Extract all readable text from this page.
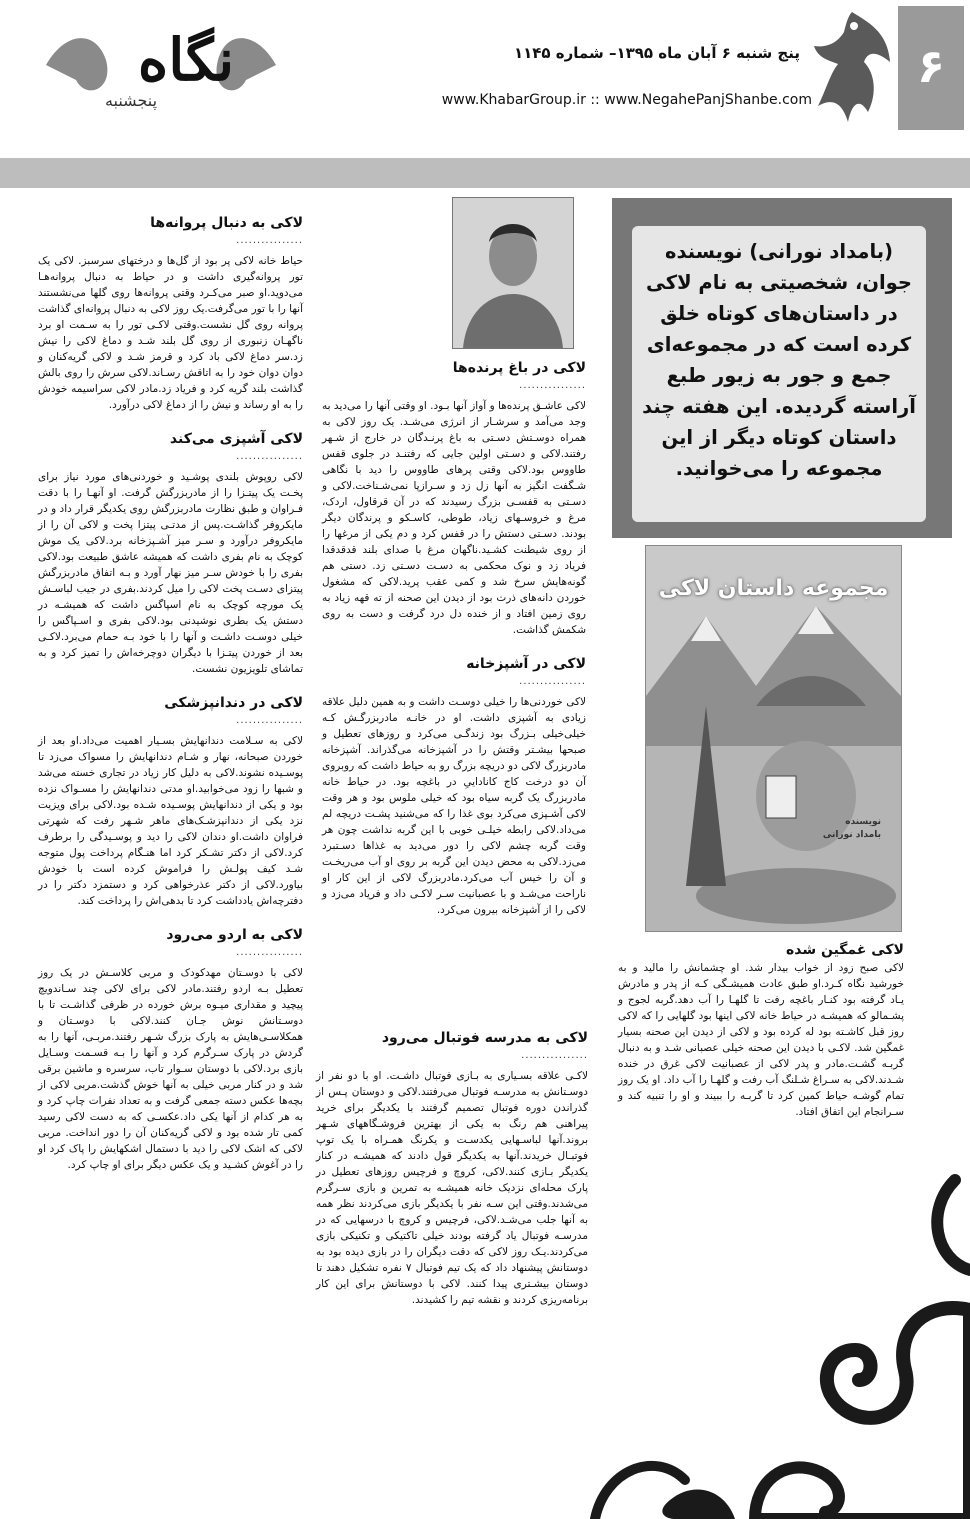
۶
نگاه
پنجشنبه
پنج شنبه ۶ آبان ماه ۱۳۹۵– شماره ۱۱۴۵
www.KhabarGroup.ir :: www.NegahePanjShanbe.com
(بامداد نورانی) نویسنده جوان، شخصیتی به نام لاکی در داستان‌های کوتاه خلق کرده است که در مجموعه‌ای جمع و جور به زیور طبع آراسته گردیده. این هفته چند داستان کوتاه دیگر از این مجموعه را می‌خوانید.
مجموعه داستان لاکی
نویسنده
بامداد نورانی
لاکی به دنبال پروانه‌ها
................
حیاط خانه لاکی پر بود از گل‌ها و درختهای سرسبز. لاکی یک تور پروانه‌گیری داشت و در حیاط به دنبال پروانه‌هـا می‌دوید.او صبر می‌کـرد وقتی پروانه‌ها روی گلها می‌نشستند آنها را با تور می‌گرفت.یک روز لاکی به دنبال پروانه‌ای گذاشت پروانه روی گل نشست.وقتی لاکـی تور را به سـمت او برد ناگهـان زنبوری از روی گل بلند شـد و دماغ لاکی را نیش زد.سر دماغ لاکی باد کرد و قرمز شـد و لاکی گریه‌کنان و دوان دوان خود را به اتاقش رسـاند.لاکی سرش را روی بالش گذاشت بلند گریه کرد و فریاد زد.مادر لاکی سراسیمه خودش را به او رساند و نیش را از دماغ لاکی درآورد.
لاکی آشپزی می‌کند
................
لاکی روپوش بلندی پوشـید و خوردنی‌های مورد نیاز برای پخـت یک پیتـزا را از مادربزرگش گرفت. او آنهـا را با دقت فـراوان و طبق نظارت مادربزرگش روی یکدیگر قرار داد و در مایکروفر گذاشـت.پس از مدتـی پیتزا پخت و لاکی آن را از مایکروفر درآورد و سـر میز آشـپزخانه برد.لاکی یک موش کوچک به نام بفری داشت که همیشه عاشق طبیعت بود.لاکی بفری را با خودش سـر میز نهار آورد و بـه اتفاق مادربزرگش پیتزای دسـت پخت لاکی را میل کردند.بفری در جیب لباسـش یک مورچه کوچک به نام اسپاگس داشت که همیشـه در دستش یک بطری نوشیدنی بود.لاکی بفری و اسـپاگس را خیلی دوسـت داشـت و آنها را با خود بـه حمام می‌برد.لاکـی بعد از خوردن پیتـزا با دیگران دوچرخه‌اش را تمیز کرد و به تماشای تلویزیون نشست.
لاکی در دندانپزشکی
................
لاکی به سـلامت دندانهایش بسـیار اهمیت می‌داد.او بعد از خوردن صبحانه، نهار و شـام دندانهایش را مسواک می‌زد تا پوسـیده نشوند.لاکی به دلیل کار زیاد در تجاری خسته می‌شد و شبها را زود می‌خوابید.او مدتی دندانهایش را مسـواک نزده بود و یکی از دندانهایش پوسـیده شـده بود.لاکی برای ویزیت نزد یکی از دندانپزشـک‌های ماهر شـهر رفت که شهرتی فراوان داشت.او دندان لاکی را دید و پوسـیدگی را برطرف کرد.لاکی از دکتر تشـکر کرد اما هنـگام پرداخت پول متوجه شـد کیف پولـش را فراموش کرده است با خودش بیاورد.لاکی از دکتر عذرخواهی کرد و دستمزد دکتر را در دفترچه‌اش یادداشت کرد تا بدهی‌اش را پرداخت کند.
لاکی به اردو می‌رود
................
لاکی با دوسـتان مهدکودک و مربی کلاسـش در یک روز تعطیل بـه اردو رفتند.مادر لاکی برای لاکی چند سـاندویچ پیچید و مقداری میـوه برش خورده در ظرفی گذاشـت تا با دوسـتانش نوش جـان کنند.لاکی با دوسـتان و همکلاسـی‌هایش به پارک بزرگ شـهر رفتند.مربـی، آنها را به گردش در پارک سـرگرم کرد و آنها را بـه قسـمت وسـایل بازی برد.لاکی با دوستان سـوار تاب، سرسره و ماشین برقی شد و در کنار مربی خیلی به آنها خوش گذشت.مربی لاکی از بچه‌ها عکس دسته جمعی گرفت و به تعداد نفرات چاپ کرد و به هر کدام از آنها یکی داد.عکسـی که به دست لاکی رسید کمی تار شده بود و لاکی گریه‌کنان آن را دور انداخت. مربی لاکی که اشک لاکی را دید با دستمال اشکهایش را پاک کرد او را در آغوش کشـید و یک عکس دیگر برای او چاپ کرد.
لاکی در باغ پرنده‌ها
................
لاکی عاشـق پرنده‌ها و آواز آنها بـود. او وقتی آنها را می‌دید به وجد می‌آمد و سرشـار از انرژی می‌شـد. یک روز لاکی به همراه دوسـتش دسـتی به باغ پرنـدگان در خارج از شـهر رفتند.لاکی و دسـتی اولین جایی که رفتنـد در جلوی قفس طاووس بود.لاکی وقتی پرهای طاووس را دید با نگاهی شـگفت انگیز به آنها زل زد و سـرازپا نمی‌شـناخت.لاکی و دسـتی به قفسـی بزرگ رسیدند که در آن قرقاول، اردک، مرغ و خروسـهای زیاد، طوطی، کاسـکو و پرندگان دیگر بودند. دسـتی دستش را در قفس کرد و دم یکی از مرغها را از روی شیطنت کشـید.ناگهان مرغ با صدای بلند قدقدقدا فریاد زد و نوک محکمی به دسـت دسـتی زد. دستی هم گونه‌هایش سرخ شد و کمی عقب پرید.لاکی که مشغول خوردن دانه‌های ذرت بود از دیدن این صحنه از ته قهه زیاد به روی زمین افتاد و از خنده دل درد گرفت و دست به روی شکمش گذاشت.
لاکی در آشپزخانه
................
لاکی خوردنی‌ها را خیلی دوسـت داشت و به همین دلیل علاقه زیادی به آشپزی داشت. او در خانـه مادربزرگـش کـه خیلی‌خیلی بـزرگ بود زندگـی می‌کرد و روزهای تعطیل و صبحها بیشـتر وقتش را در آشپزخانه می‌گذراند. آشپزخانه مادربزرگ لاکی دو دریچه بزرگ رو به حیاط داشت که روبروی آن دو درخت کاج کاناداییِ در باغچه بود. در حیاط خانه مادربزرگ یک گربه سیاه بود که خیلی ملوس بود و هر وقت لاکی آشـپزی می‌کرد بوی غذا را که می‌شنید پشـت دریچه لم می‌داد.لاکی رابطه خیلـی خوبی با این گربه نداشت چون هر وقت گربه چشم لاکی را دور می‌دید به غذاها دسـتبرد می‌زد.لاکی به محض دیدن این گربه بر روی او آب می‌ریخـت و آن را خیس آب می‌کرد.مادربزرگ لاکی از این کار او ناراحت می‌شـد و با عصبانیت سـر لاکـی داد و فریاد می‌زد و لاکی را از آشپزخانه بیرون می‌کرد.
لاکی به مدرسه فوتبال می‌رود
................
لاکـی علاقه بسـیاری به بـازی فوتبال داشـت. او با دو نفر از دوسـتانش به مدرسـه فوتبال می‌رفتند.لاکی و دوستان پـس از گذراندن دوره فوتبال تصمیم گرفتند با یکدیگر برای خرید پیراهنی هم رنگ به یکی از بهترین فروشـگاههای شـهر بروند.آنها لباسـهایی یکدسـت و یکرنگ همـراه با یک توپ فوتبـال خریدند.آنها به یکدیگر قول دادند که همیشـه در کنار یکدیگر بـازی کنند.لاکی، کروچ و فرچیس روزهای تعطیل در پارک محله‌ای نزدیک خانه همیشـه به تمرین و بازی سـرگرم می‌شدند.وقتی این سـه نفر با یکدیگر بازی می‌کردند نظر همه به آنها جلب می‌شـد.لاکی، فرچیس و کروچ با درسهایی که در مدرسـه فوتبال یاد گرفته بودند خیلی تاکتیکی و تکنیکی بازی می‌کردند.یـک روز لاکی که دقت دیگران را در بازی دیده بود به دوستانش پیشنهاد داد که یک تیم فوتبال ۷ نفره تشکیل دهند تا دوستان بیشـتری پیدا کنند. لاکی با دوستانش برای این کار برنامه‌ریزی کردند و نقشه تیم را کشیدند.
لاکی غمگین شده
لاکی صبح زود از خواب بیدار شد. او چشمانش را مالید و به خورشید نگاه کـرد.او طبق عادت همیشـگی کـه از پدر و مادرش یـاد گرفته بود کنـار باغچه رفت تا گلهـا را آب دهد.گربه لجوج و پشـمالو که همیشـه در حیاط خانه لاکی اینها بود گلهایی را که لاکی روز قبل کاشـته بود له کرده بود و لاکی از دیدن این صحنه بسیار غمگین شد. لاکـی با دیدن این صحنه خیلی عصبانی شـد و به دنبال گربـه گشـت.مادر و پدر لاکی از عصبانیت لاکی غرق در خنده شـدند.لاکی به سـراغ شـلنگ آب رفت و گلهـا را آب داد. او یک روز تمام گوشـه حیاط کمین کرد تا گربـه را ببیند و او را تنبیه کند و سـرانجام این اتفاق افتاد.
